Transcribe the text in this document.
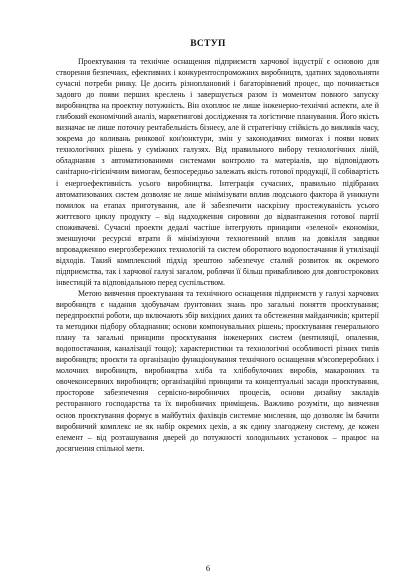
ВСТУП

Проектування та технічне оснащення підприємств харчової індустрії є основою для створення безпечних, ефективних і конкурентоспроможних виробництв, здатних задовольняти сучасні потреби ринку. Це досить різноплановий і багаторівневий процес, що починається задовго до появи перших креслень і завершується разом із моментом повного запуску виробництва на проектну потужність. Він охоплює не лише інженерно-технічні аспекти, але й глибокий економічний аналіз, маркетингові дослідження та логістичне планування. Його якість визначає не лише поточну рентабельність бізнесу, але й стратегічну стійкість до викликів часу, зокрема до коливань ринкової кон'юнктури, змін у законодавчих вимогах і появи нових технологічних рішень у суміжних галузях. Від правильного вибору технологічних ліній, обладнання з автоматизованими системами контролю та матеріалів, що відповідають санітарно-гігієнічним вимогам, безпосередньо залежать якість готової продукції, її собівартість і енергоефективність усього виробництва. Інтеграція сучасних, правильно підібраних автоматизованих систем дозволяє не лише мінімізувати вплив людського фактора й уникнути помилок на етапах приготування, але й забезпечити наскрізну простежуваність усього життєвого циклу продукту – від надходження сировини до відвантаження готової партії споживачеві. Сучасні проекти дедалі частіше інтегрують принципи «зеленої» економіки, зменшуючи ресурсні втрати й мінімізуючи техногенний вплив на довкілля завдяки впровадженню енергозбережних технологій та систем оборотного водопостачання й утилізації відходів. Такий комплексний підхід зрештою забезпечує сталий розвиток як окремого підприємства, так і харчової галузі загалом, роблячи її більш привабливою для довгострокових інвестицій та відповідальною перед суспільством.

Метою вивчення проектування та технічного оснащення підприємств у галузі харчових виробництв є надання здобувачам ґрунтовних знань про загальні поняття проєктування; передпроєктні роботи, що включають збір вихідних даних та обстеження майданчиків; критерії та методики підбору обладнання; основи компонувальних рішень; проєктування генерального плану та загальні принципи проєктування інженерних систем (вентиляції, опалення, водопостачання, каналізації тощо); характеристики та технологічні особливості різних типів виробництв; проєкти та організацію функціонування технічного оснащення м'ясопереробних і молочних виробництв, виробництва хліба та хлібобулочних виробів, макаронних та овочеконсервних виробництв; організаційні принципи та концептуальні засади проєктування, просторове забезпечення сервісно-виробничих процесів, основи дизайну закладів ресторанного господарства та їх виробничих приміщень. Важливо розуміти, що вивчення основ проєктування формує в майбутніх фахівців системне мислення, що дозволяє їм бачити виробничий комплекс не як набір окремих цехів, а як єдину злагоджену систему, де кожен елемент – від розташування дверей до потужності холодильних установок – працює на досягнення спільної мети.

6
